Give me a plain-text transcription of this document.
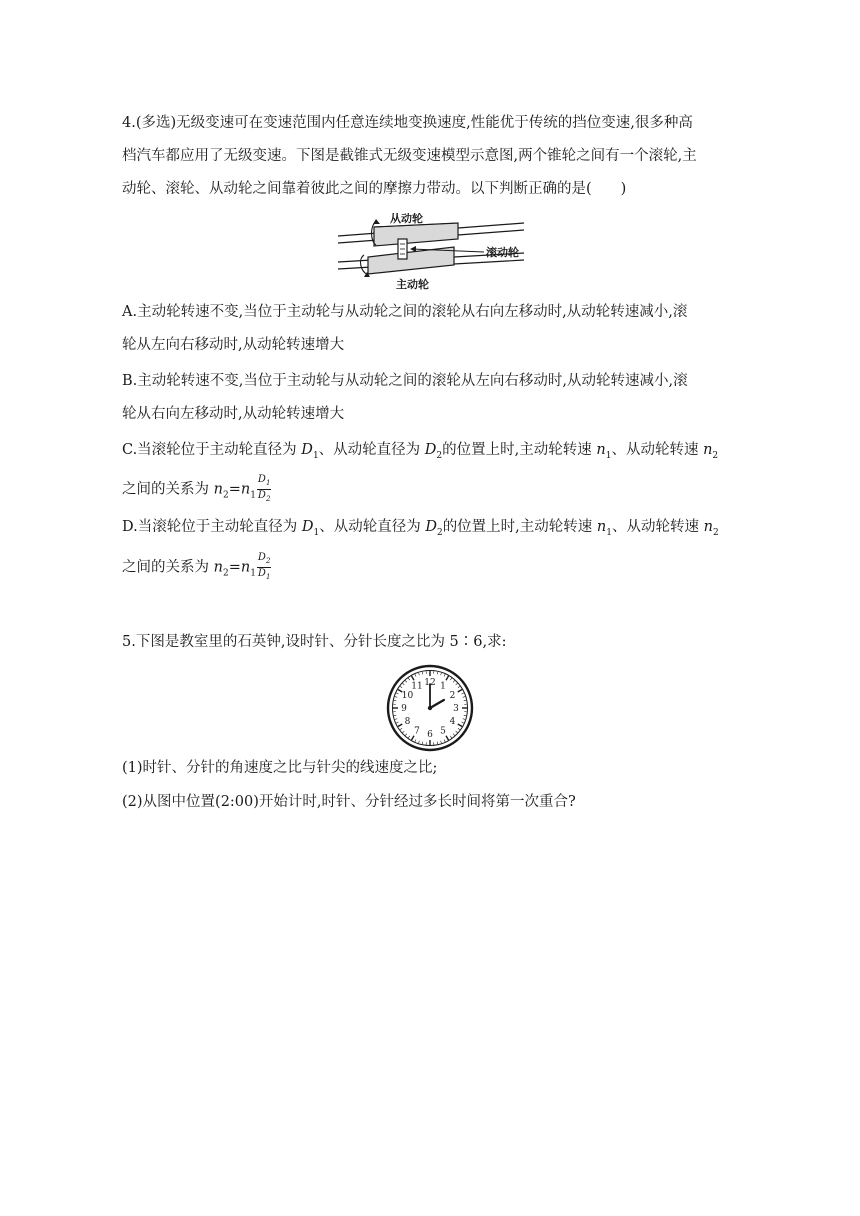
4.(多选)无级变速可在变速范围内任意连续地变换速度,性能优于传统的挡位变速,很多种高
档汽车都应用了无级变速。下图是截锥式无级变速模型示意图,两个锥轮之间有一个滚轮,主
动轮、滚轮、从动轮之间靠着彼此之间的摩擦力带动。以下判断正确的是(　　)
从动轮
滚动轮
主动轮
A.主动轮转速不变,当位于主动轮与从动轮之间的滚轮从右向左移动时,从动轮转速减小,滚
轮从左向右移动时,从动轮转速增大
B.主动轮转速不变,当位于主动轮与从动轮之间的滚轮从左向右移动时,从动轮转速减小,滚
轮从右向左移动时,从动轮转速增大
C.当滚轮位于主动轮直径为 $D_1$、从动轮直径为 $D_2$的位置上时,主动轮转速 $n_1$、从动轮转速 $n_2$
之间的关系为 $n_2=n_1 \frac{D_1}{D_2}$
D.当滚轮位于主动轮直径为 $D_1$、从动轮直径为 $D_2$的位置上时,主动轮转速 $n_1$、从动轮转速 $n_2$
之间的关系为 $n_2=n_1 \frac{D_2}{D_1}$
5.下图是教室里的石英钟,设时针、分针长度之比为 5∶6,求:
12 1
2
3
4
5
6
7
8
9
10
11
(1)时针、分针的角速度之比与针尖的线速度之比;
(2)从图中位置(2:00)开始计时,时针、分针经过多长时间将第一次重合?
